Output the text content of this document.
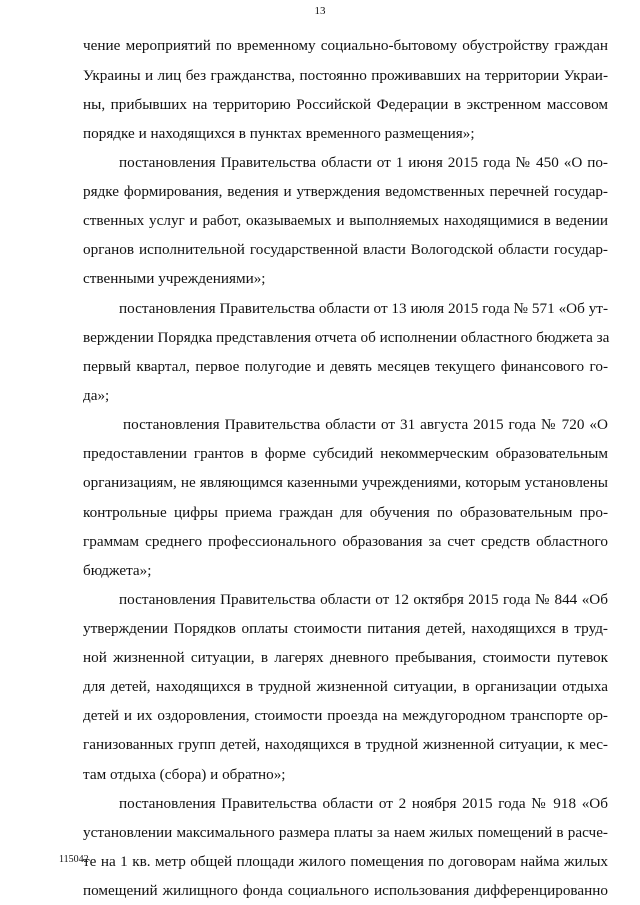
13
чение мероприятий по временному социально-бытовому обустройству граждан
Украины и лиц без гражданства, постоянно проживавших на территории Украи-
ны, прибывших на территорию Российской Федерации в экстренном массовом
порядке и находящихся в пунктах временного размещения»;
постановления Правительства области от 1 июня 2015 года № 450 «О по-
рядке формирования, ведения и утверждения ведомственных перечней государ-
ственных услуг и работ, оказываемых и выполняемых находящимися в ведении
органов исполнительной государственной власти Вологодской области государ-
ственными учреждениями»;
постановления Правительства области от 13 июля 2015 года № 571 «Об ут-
верждении Порядка представления отчета об исполнении областного бюджета за
первый квартал, первое полугодие и девять месяцев текущего финансового го-
да»;
постановления Правительства области от 31 августа 2015 года № 720 «О
предоставлении грантов в форме субсидий некоммерческим образовательным
организациям, не являющимся казенными учреждениями, которым установлены
контрольные цифры приема граждан для обучения по образовательным про-
граммам среднего профессионального образования за счет средств областного
бюджета»;
постановления Правительства области от 12 октября 2015 года № 844 «Об
утверждении Порядков оплаты стоимости питания детей, находящихся в труд-
ной жизненной ситуации, в лагерях дневного пребывания, стоимости путевок
для детей, находящихся в трудной жизненной ситуации, в организации отдыха
детей и их оздоровления, стоимости проезда на междугородном транспорте ор-
ганизованных групп детей, находящихся в трудной жизненной ситуации, к мес-
там отдыха (сбора) и обратно»;
постановления Правительства области от 2 ноября 2015 года № 918 «Об
установлении максимального размера платы за наем жилых помещений в расче-
те на 1 кв. метр общей площади жилого помещения по договорам найма жилых
помещений жилищного фонда социального использования дифференцированно
115042
